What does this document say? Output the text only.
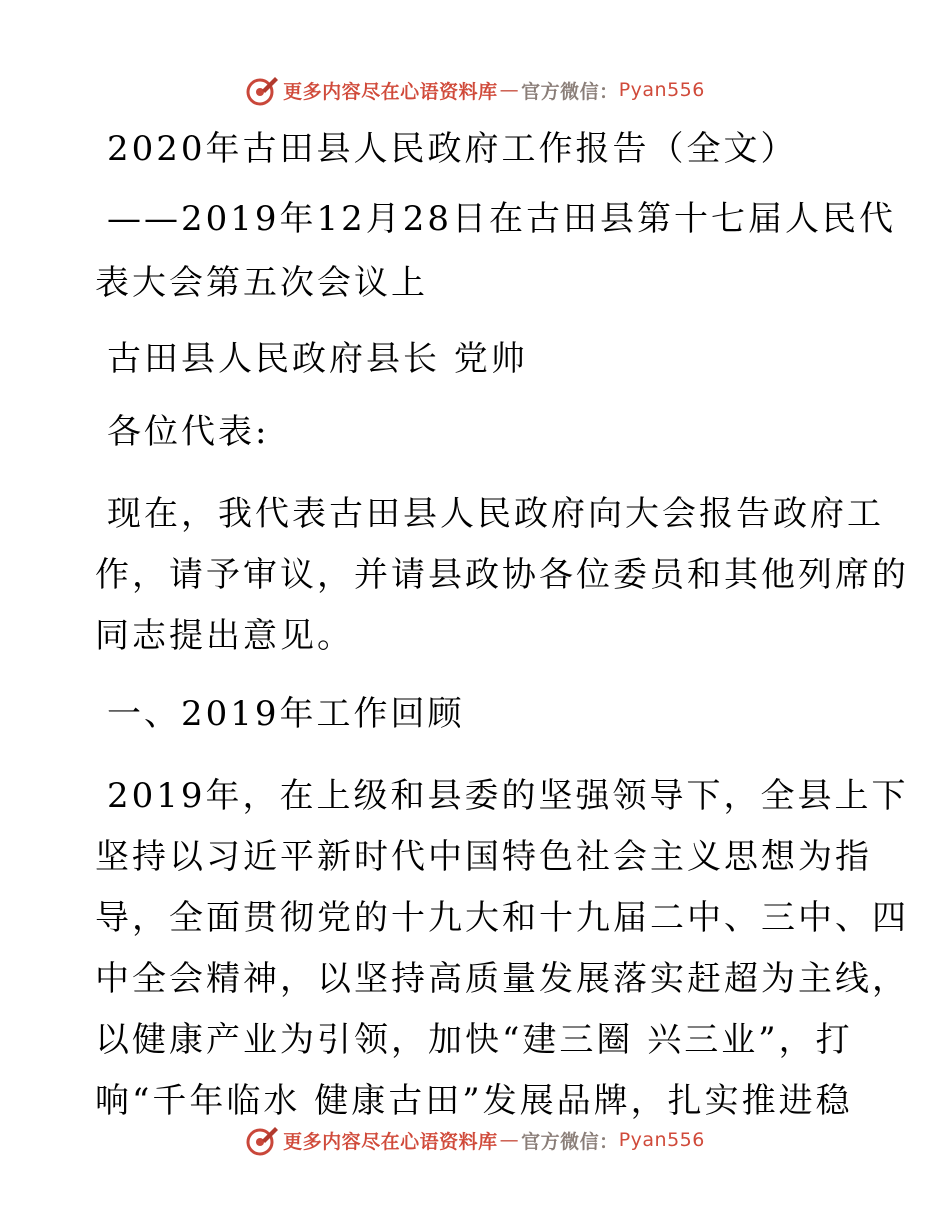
更多内容尽在心语资料库 — 官方微信： Pyan556

2020年古田县人民政府工作报告（全文）

——2019年12月28日在古田县第十七届人民代

表大会第五次会议上

古田县人民政府县长 党帅

各位代表:

现在，我代表古田县人民政府向大会报告政府工

作，请予审议，并请县政协各位委员和其他列席的

同志提出意见。

一、2019年工作回顾

2019年，在上级和县委的坚强领导下，全县上下

坚持以习近平新时代中国特色社会主义思想为指

导，全面贯彻党的十九大和十九届二中、三中、四

中全会精神，以坚持高质量发展落实赶超为主线，

以健康产业为引领，加快“建三圈 兴三业”，打

响“千年临水 健康古田”发展品牌，扎实推进稳

更多内容尽在心语资料库 — 官方微信： Pyan556
